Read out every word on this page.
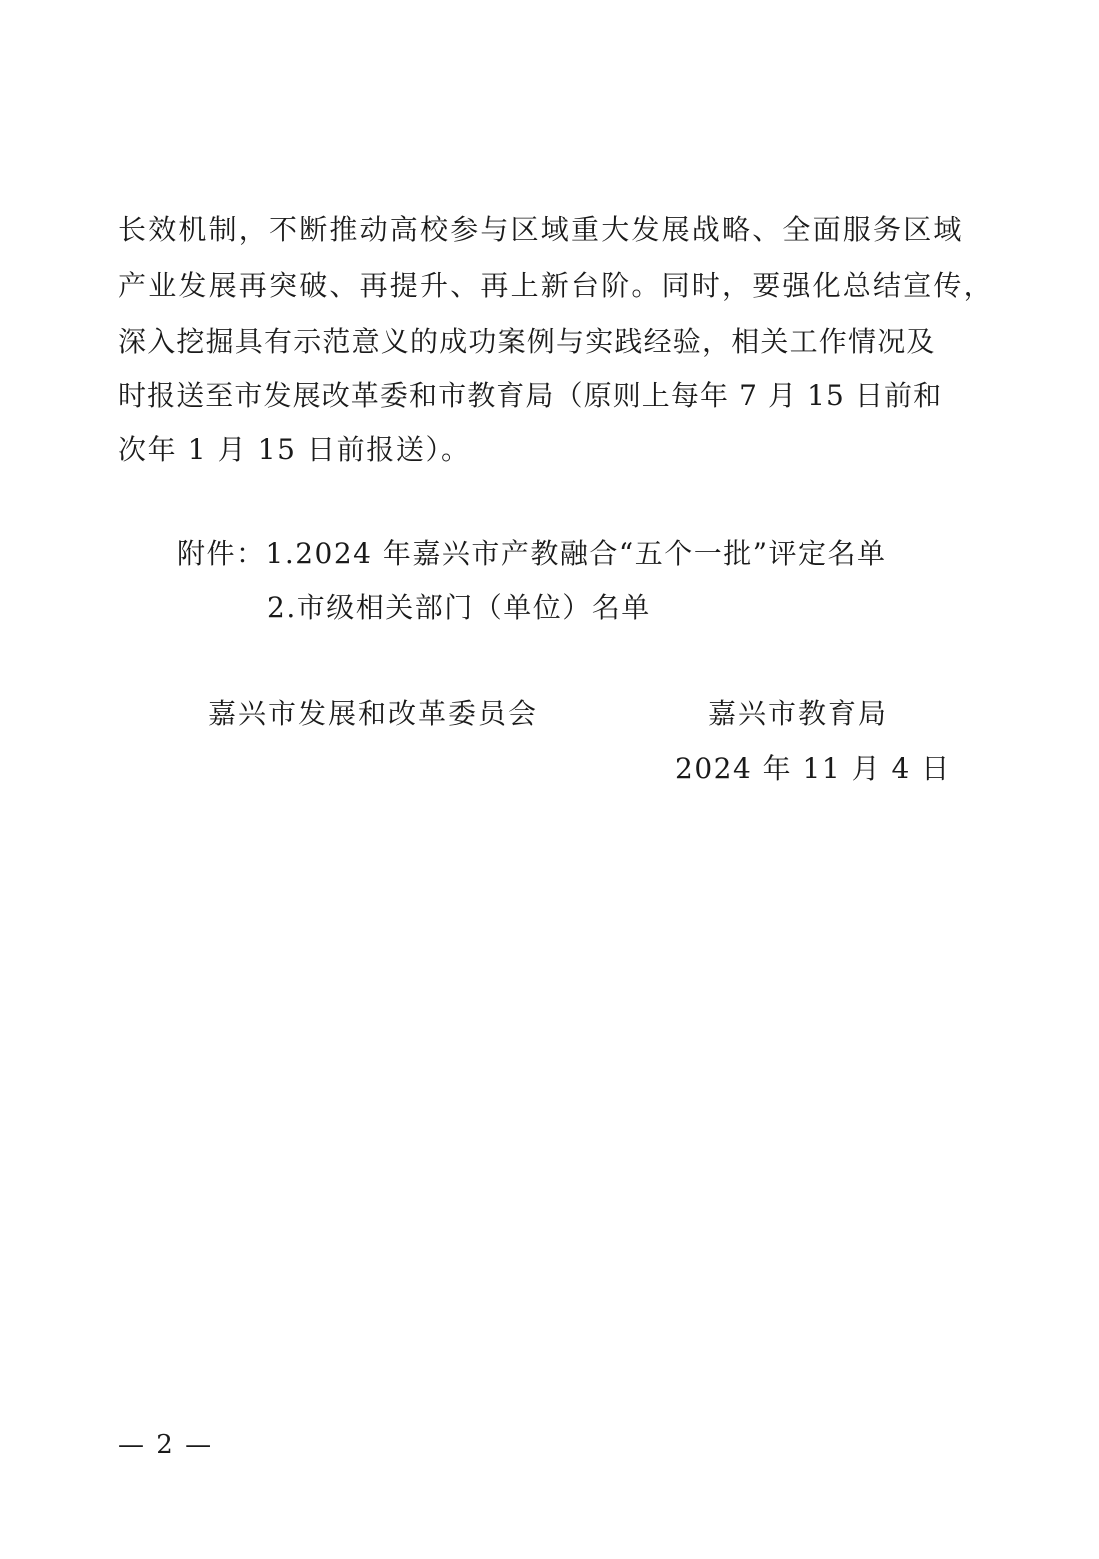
长效机制，不断推动高校参与区域重大发展战略、全面服务区域
产业发展再突破、再提升、再上新台阶。同时，要强化总结宣传，
深入挖掘具有示范意义的成功案例与实践经验，相关工作情况及
时报送至市发展改革委和市教育局（原则上每年 7 月 15 日前和
次年 1 月 15 日前报送）。
附件：1.2024 年嘉兴市产教融合“五个一批”评定名单
2.市级相关部门（单位）名单
嘉兴市发展和改革委员会	嘉兴市教育局
2024 年 11 月 4 日
— 2 —
